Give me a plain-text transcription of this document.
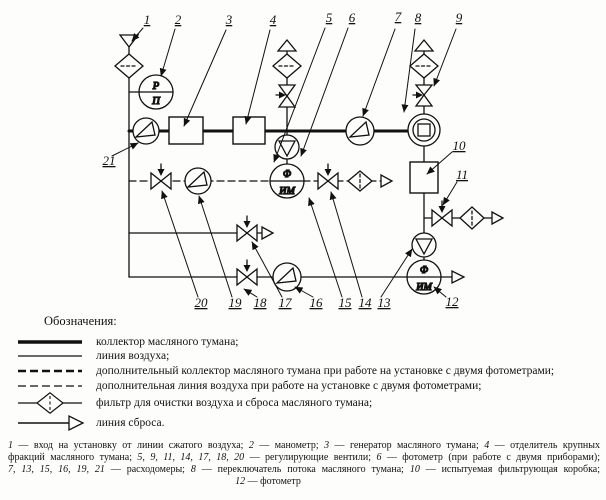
Р
П
Ф
ИМ
Ф
ИМ
1 2	3	4	5 6	7 8	9
10
11
12
13
14
15
16
17
18
19
20
21
Обозначения:
коллектор масляного тумана;
линия воздуха;
дополнительный коллектор масляного тумана при работе на установке с двумя фотометрами;
дополнительная линия воздуха при работе на установке с двумя фотометрами;
фильтр для очистки воздуха и сброса масляного тумана;
линия сброса.
1 — вход на установку от линии сжатого воздуха; 2 — манометр; 3 — генератор масляного тумана; 4 — отделитель крупных
фракций масляного тумана; 5, 9, 11, 14, 17, 18, 20 — регулирующие вентили; 6 — фотометр (при работе с двумя приборами);
7, 13, 15, 16, 19, 21 — расходомеры; 8 — переключатель потока масляного тумана; 10 — испытуемая фильтрующая коробка;
12 — фотометр
